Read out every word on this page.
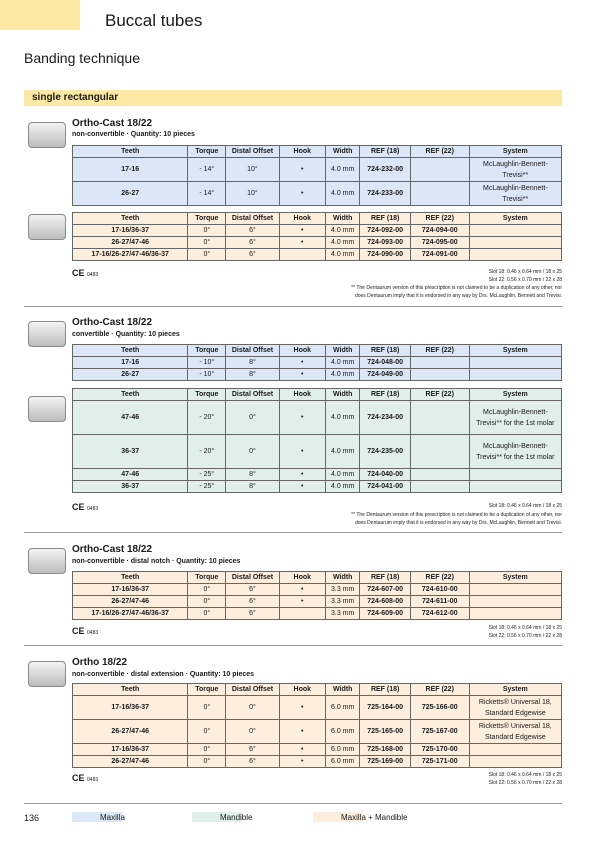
Buccal tubes
Banding technique
single rectangular
Ortho-Cast 18/22
non-convertible · Quantity: 10 pieces
Teeth	Torque	Distal Offset	Hook	Width	REF (18)	REF (22)	System
17-16	- 14°	10°	•	4.0 mm	724-232-00		McLaughlin-Bennett-Trevisi**
26-27	- 14°	10°	•	4.0 mm	724-233-00		McLaughlin-Bennett-Trevisi**
Teeth	Torque	Distal Offset	Hook	Width	REF (18)	REF (22)	System
17-16/36-37	0°	6°	•	4.0 mm	724-092-00	724-094-00	
26-27/47-46	0°	6°	•	4.0 mm	724-093-00	724-095-00	
17-16/26-27/47-46/36-37	0°	6°		4.0 mm	724-090-00	724-091-00	
CE 0483	Slot 18: 0.46 x 0.64 mm / 18 x 25
Slot 22: 0.56 x 0.70 mm / 22 x 28
** The Dentaurum version of this prescription is not claimed to be a duplication of any other, nor
does Dentaurum imply that it is endorsed in any way by Drs. McLaughlin, Bennett and Trevisi.
Ortho-Cast 18/22
convertible · Quantity: 10 pieces
Teeth	Torque	Distal Offset	Hook	Width	REF (18)	REF (22)	System
17-16	- 10°	8°	•	4.0 mm	724-048-00		
26-27	- 10°	8°	•	4.0 mm	724-049-00		
Teeth	Torque	Distal Offset	Hook	Width	REF (18)	REF (22)	System
47-46	- 20°	0°	•	4.0 mm	724-234-00		McLaughlin-Bennett-Trevisi** for the 1st molar
36-37	- 20°	0°	•	4.0 mm	724-235-00		McLaughlin-Bennett-Trevisi** for the 1st molar
47-46	- 25°	8°	•	4.0 mm	724-040-00		
36-37	- 25°	8°	•	4.0 mm	724-041-00		
CE 0483	Slot 18: 0.46 x 0.64 mm / 18 x 25
** The Dentaurum version of this prescription is not claimed to be a duplication of any other, nor
does Dentaurum imply that it is endorsed in any way by Drs. McLaughlin, Bennett and Trevisi.
Ortho-Cast 18/22
non-convertible · distal notch · Quantity: 10 pieces
Teeth	Torque	Distal Offset	Hook	Width	REF (18)	REF (22)	System
17-16/36-37	0°	6°	•	3.3 mm	724-607-00	724-610-00	
26-27/47-46	0°	6°	•	3.3 mm	724-608-00	724-611-00	
17-16/26-27/47-46/36-37	0°	6°		3.3 mm	724-609-00	724-612-00	
CE 0483
Slot 18: 0.46 x 0.64 mm / 18 x 25
Slot 22: 0.56 x 0.70 mm / 22 x 28
Ortho 18/22
non-convertible · distal extension · Quantity: 10 pieces
Teeth	Torque	Distal Offset	Hook	Width	REF (18)	REF (22)	System
17-16/36-37	0°	0°	•	6.0 mm	725-164-00	725-166-00	Ricketts® Universal 18, Standard Edgewise
26-27/47-46	0°	0°	•	6.0 mm	725-165-00	725-167-00	Ricketts® Universal 18, Standard Edgewise
17-16/36-37	0°	6°	•	6.0 mm	725-168-00	725-170-00	
26-27/47-46	0°	6°	•	6.0 mm	725-169-00	725-171-00	
CE 0483
Slot 18: 0.46 x 0.64 mm / 18 x 25
Slot 22: 0.56 x 0.70 mm / 22 x 28
136	Maxilla	Mandible	Maxilla + Mandible
